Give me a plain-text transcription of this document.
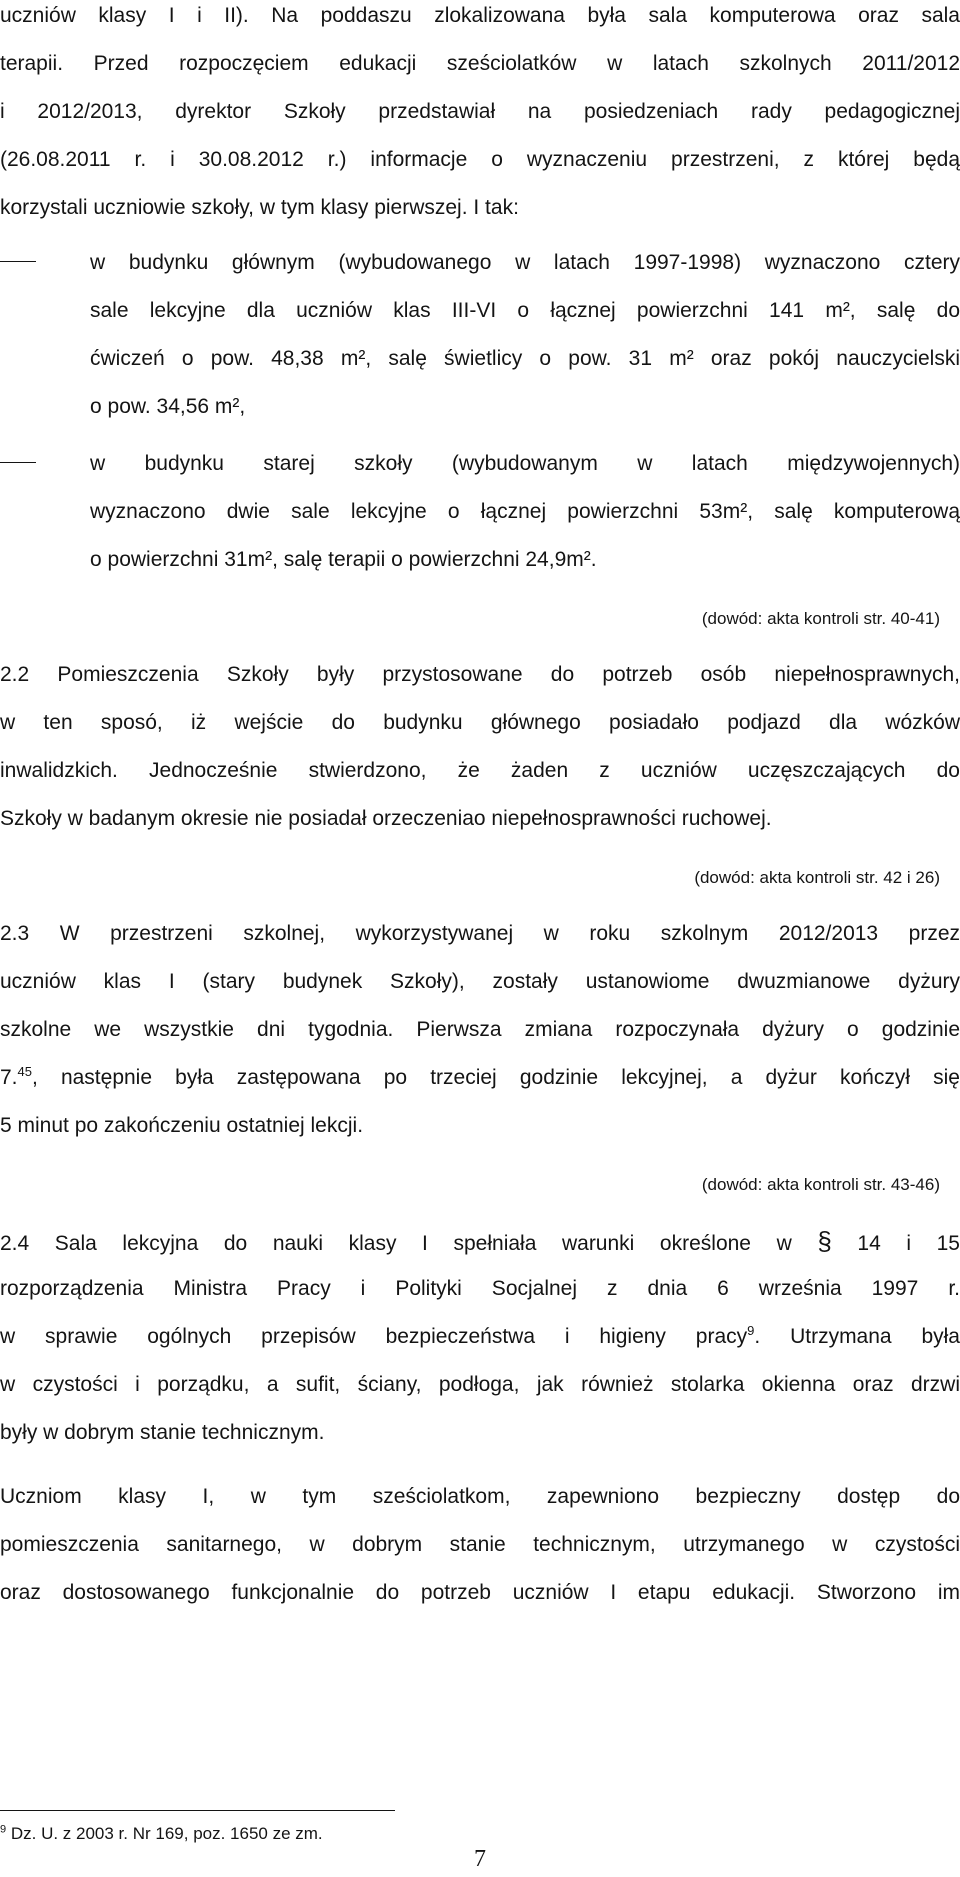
uczniów klasy I i II). Na poddaszu zlokalizowana była sala komputerowa oraz sala
terapii. Przed rozpoczęciem edukacji sześciolatków w latach szkolnych 2011/2012
i 2012/2013, dyrektor Szkoły przedstawiał na posiedzeniach rady pedagogicznej
(26.08.2011 r. i 30.08.2012 r.) informacje o wyznaczeniu przestrzeni, z której będą
korzystali uczniowie szkoły, w tym klasy pierwszej. I tak:
w budynku głównym (wybudowanego w latach 1997-1998) wyznaczono cztery
sale lekcyjne dla uczniów klas III-VI o łącznej powierzchni 141 m², salę do
ćwiczeń o pow. 48,38 m², salę świetlicy o pow. 31 m² oraz pokój nauczycielski
o pow. 34,56 m²,
w budynku starej szkoły (wybudowanym w latach międzywojennych)
wyznaczono dwie sale lekcyjne o łącznej powierzchni 53m², salę komputerową
o powierzchni 31m², salę terapii o powierzchni 24,9m².
(dowód: akta kontroli str. 40-41)
2.2 Pomieszczenia Szkoły były przystosowane do potrzeb osób niepełnosprawnych,
w ten sposó, iż wejście do budynku głównego posiadało podjazd dla wózków
inwalidzkich. Jednocześnie stwierdzono, że żaden z uczniów uczęszczających do
Szkoły w badanym okresie nie posiadał orzeczeniao niepełnosprawności ruchowej.
(dowód: akta kontroli str. 42 i 26)
2.3 W przestrzeni szkolnej, wykorzystywanej w roku szkolnym 2012/2013 przez
uczniów klas I (stary budynek Szkoły), zostały ustanowiome dwuzmianowe dyżury
szkolne we wszystkie dni tygodnia. Pierwsza zmiana rozpoczynała dyżury o godzinie
7.45, następnie była zastępowana po trzeciej godzinie lekcyjnej, a dyżur kończył się
5 minut po zakończeniu ostatniej lekcji.
(dowód: akta kontroli str. 43-46)
2.4 Sala lekcyjna do nauki klasy I spełniała warunki określone w § 14 i 15
rozporządzenia Ministra Pracy i Polityki Socjalnej z dnia 6 września 1997 r.
w sprawie ogólnych przepisów bezpieczeństwa i higieny pracy$^9$. Utrzymana była
w czystości i porządku, a sufit, ściany, podłoga, jak również stolarka okienna oraz drzwi
były w dobrym stanie technicznym.
Uczniom klasy I, w tym sześciolatkom, zapewniono bezpieczny dostęp do
pomieszczenia sanitarnego, w dobrym stanie technicznym, utrzymanego w czystości
oraz dostosowanego funkcjonalnie do potrzeb uczniów I etapu edukacji. Stworzono im
$^9$ Dz. U. z 2003 r. Nr 169, poz. 1650 ze zm.
7
